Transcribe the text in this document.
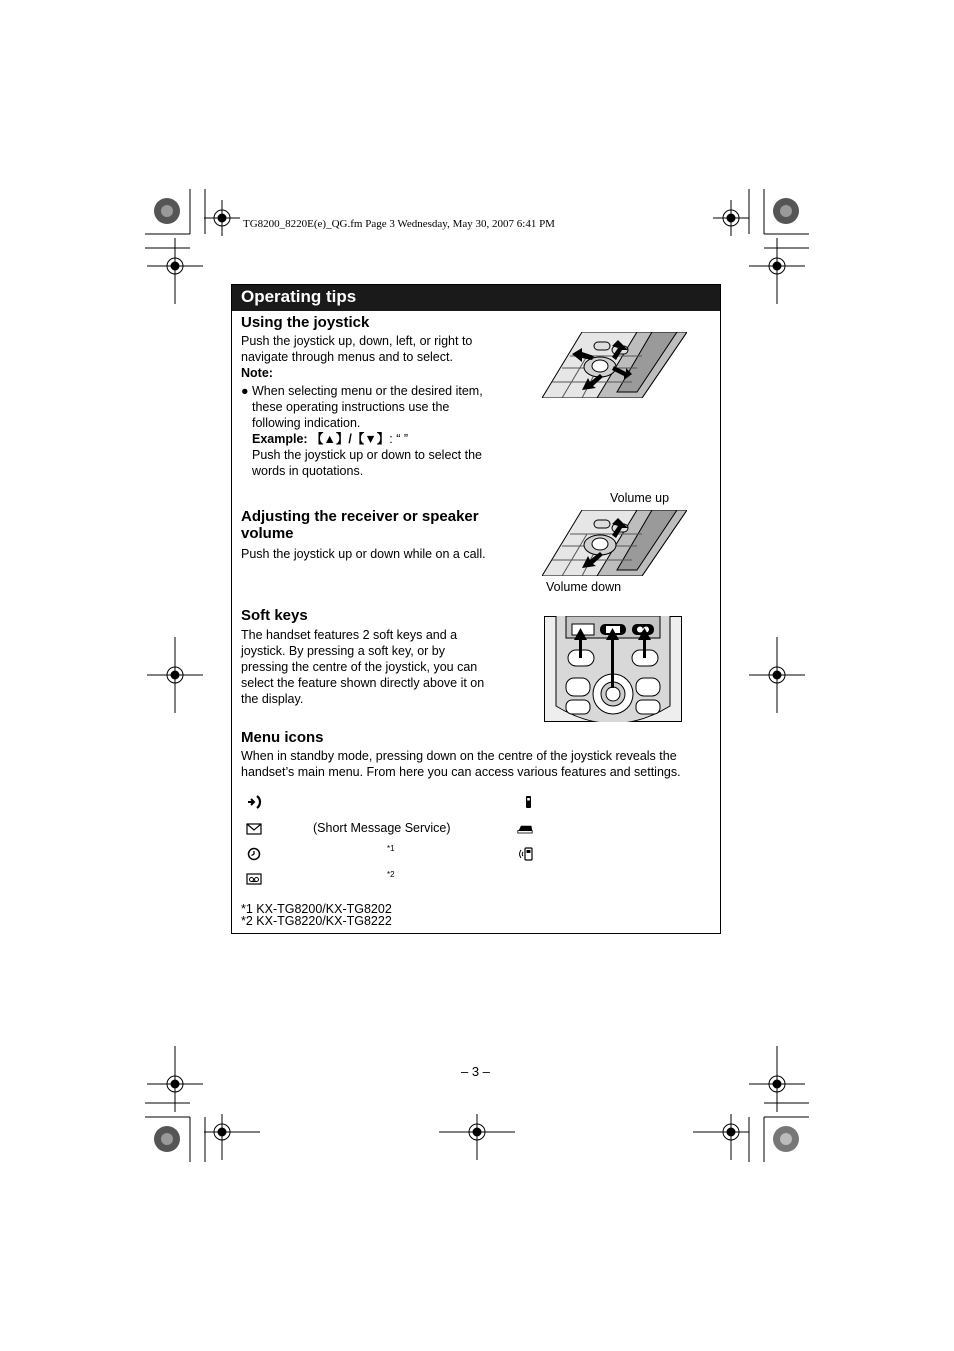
TG8200_8220E(e)_QG.fm Page 3 Wednesday, May 30, 2007 6:41 PM
Operating tips
Using the joystick
Push the joystick up, down, left, or right to
navigate through menus and to select.
Note:
● When selecting menu or the desired item,
these operating instructions use the
following indication.
Example: 【▲】/【▼】: “ ”
Push the joystick up or down to select the
words in quotations.
Adjusting the receiver or speaker
volume
Push the joystick up or down while on a call.
Volume up
Volume down
Soft keys
The handset features 2 soft keys and a
joystick. By pressing a soft key, or by
pressing the centre of the joystick, you can
select the feature shown directly above it on
the display.
Menu icons
When in standby mode, pressing down on the centre of the joystick reveals the
handset’s main menu. From here you can access various features and settings.
(Short Message Service)
*1
*2
*1 KX-TG8200/KX-TG8202
*2 KX-TG8220/KX-TG8222
– 3 –
